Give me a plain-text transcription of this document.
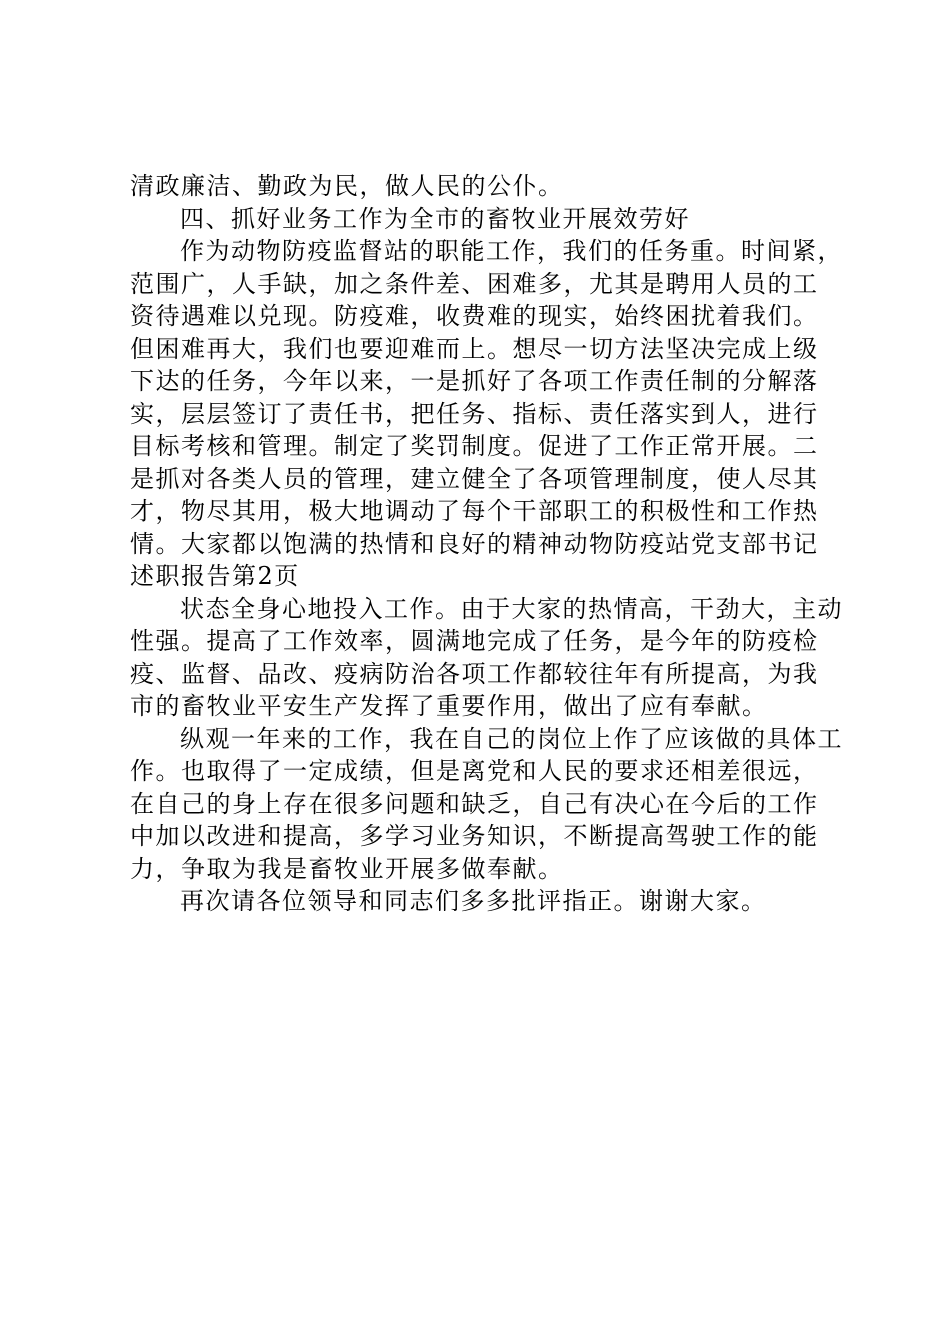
清政廉洁、勤政为民，做人民的公仆。
四、抓好业务工作为全市的畜牧业开展效劳好
作为动物防疫监督站的职能工作，我们的任务重。时间紧，
范围广，人手缺，加之条件差、困难多，尤其是聘用人员的工
资待遇难以兑现。防疫难，收费难的现实，始终困扰着我们。
但困难再大，我们也要迎难而上。想尽一切方法坚决完成上级
下达的任务，今年以来，一是抓好了各项工作责任制的分解落
实，层层签订了责任书，把任务、指标、责任落实到人，进行
目标考核和管理。制定了奖罚制度。促进了工作正常开展。二
是抓对各类人员的管理，建立健全了各项管理制度，使人尽其
才，物尽其用，极大地调动了每个干部职工的积极性和工作热
情。大家都以饱满的热情和良好的精神动物防疫站党支部书记
述职报告第2页
状态全身心地投入工作。由于大家的热情高，干劲大，主动
性强。提高了工作效率，圆满地完成了任务，是今年的防疫检
疫、监督、品改、疫病防治各项工作都较往年有所提高，为我
市的畜牧业平安生产发挥了重要作用，做出了应有奉献。
纵观一年来的工作，我在自己的岗位上作了应该做的具体工
作。也取得了一定成绩，但是离党和人民的要求还相差很远，
在自己的身上存在很多问题和缺乏，自己有决心在今后的工作
中加以改进和提高，多学习业务知识，不断提高驾驶工作的能
力，争取为我是畜牧业开展多做奉献。
再次请各位领导和同志们多多批评指正。谢谢大家。
